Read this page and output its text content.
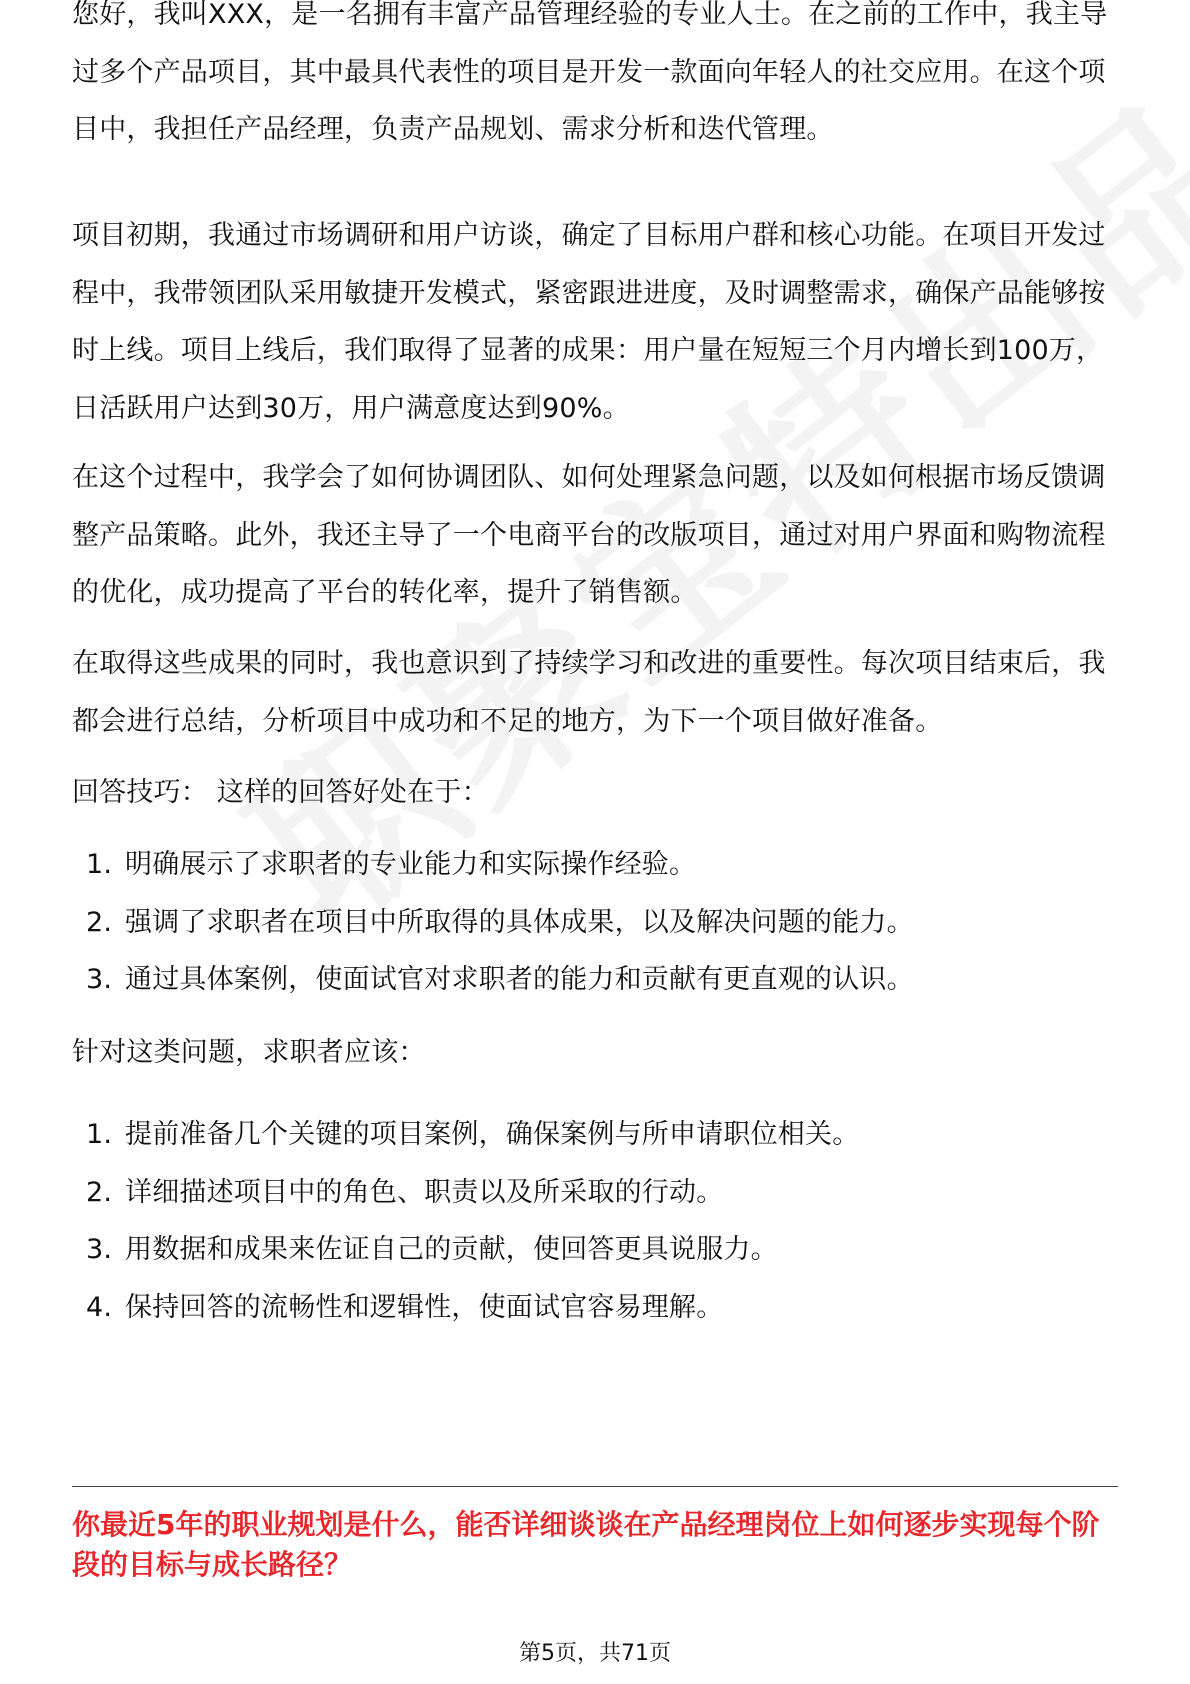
您好，我叫XXX，是一名拥有丰富产品管理经验的专业人士。在之前的工作中，我主导过多个产品项目，其中最具代表性的项目是开发一款面向年轻人的社交应用。在这个项目中，我担任产品经理，负责产品规划、需求分析和迭代管理。

项目初期，我通过市场调研和用户访谈，确定了目标用户群和核心功能。在项目开发过程中，我带领团队采用敏捷开发模式，紧密跟进进度，及时调整需求，确保产品能够按时上线。项目上线后，我们取得了显著的成果：用户量在短短三个月内增长到100万，日活跃用户达到30万，用户满意度达到90%。

在这个过程中，我学会了如何协调团队、如何处理紧急问题，以及如何根据市场反馈调整产品策略。此外，我还主导了一个电商平台的改版项目，通过对用户界面和购物流程的优化，成功提高了平台的转化率，提升了销售额。

在取得这些成果的同时，我也意识到了持续学习和改进的重要性。每次项目结束后，我都会进行总结，分析项目中成功和不足的地方，为下一个项目做好准备。

回答技巧： 这样的回答好处在于：

1. 明确展示了求职者的专业能力和实际操作经验。
2. 强调了求职者在项目中所取得的具体成果，以及解决问题的能力。
3. 通过具体案例，使面试官对求职者的能力和贡献有更直观的认识。

针对这类问题，求职者应该：

1. 提前准备几个关键的项目案例，确保案例与所申请职位相关。
2. 详细描述项目中的角色、职责以及所采取的行动。
3. 用数据和成果来佐证自己的贡献，使回答更具说服力。
4. 保持回答的流畅性和逻辑性，使面试官容易理解。
你最近5年的职业规划是什么，能否详细谈谈在产品经理岗位上如何逐步实现每个阶段的目标与成长路径？
第5页，共71页
